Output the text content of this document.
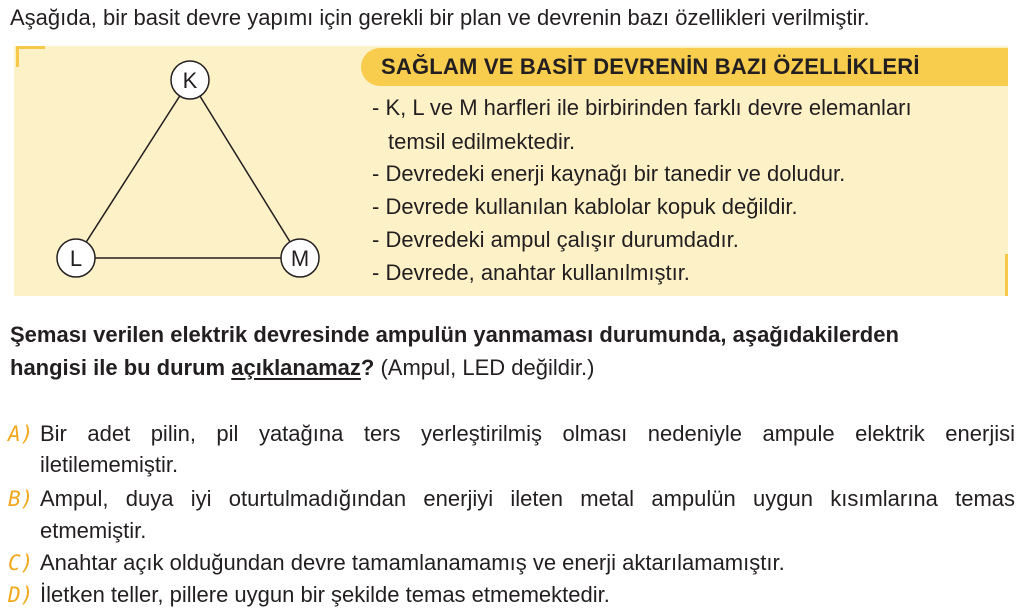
Aşağıda, bir basit devre yapımı için gerekli bir plan ve devrenin bazı özellikleri verilmiştir.
K
L	M
SAĞLAM VE BASİT DEVRENİN BAZI ÖZELLİKLERİ
- K, L ve M harfleri ile birbirinden farklı devre elemanları
temsil edilmektedir.
- Devredeki enerji kaynağı bir tanedir ve doludur.
- Devrede kullanılan kablolar kopuk değildir.
- Devredeki ampul çalışır durumdadır.
- Devrede, anahtar kullanılmıştır.
Şeması verilen elektrik devresinde ampulün yanmaması durumunda, aşağıdakilerden
hangisi ile bu durum açıklanamaz? (Ampul, LED değildir.)
A) Bir adet pilin, pil yatağına ters yerleştirilmiş olması nedeniyle ampule elektrik enerjisi
iletilememiştir.
B) Ampul, duya iyi oturtulmadığından enerjiyi ileten metal ampulün uygun kısımlarına temas
etmemiştir.
C) Anahtar açık olduğundan devre tamamlanamamış ve enerji aktarılamamıştır.
D) İletken teller, pillere uygun bir şekilde temas etmemektedir.
